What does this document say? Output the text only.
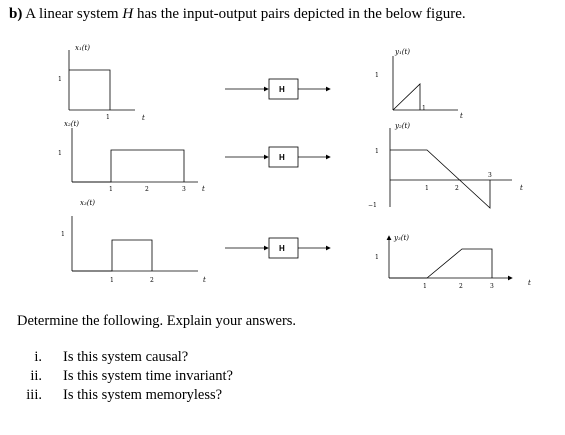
b) A linear system H has the input-output pairs depicted in the below figure.
x₁(t)
1
1	t
x₂(t)
1
1	2	3 t
x₃(t)
1
1	2	t
H
H
H
y₁(t)
1
1
t
y₂(t)
1
−1
1	2
3
t
y₃(t)
1
1	2	3	t
Determine the following. Explain your answers.
i. Is this system causal?
ii. Is this system time invariant?
iii. Is this system memoryless?
